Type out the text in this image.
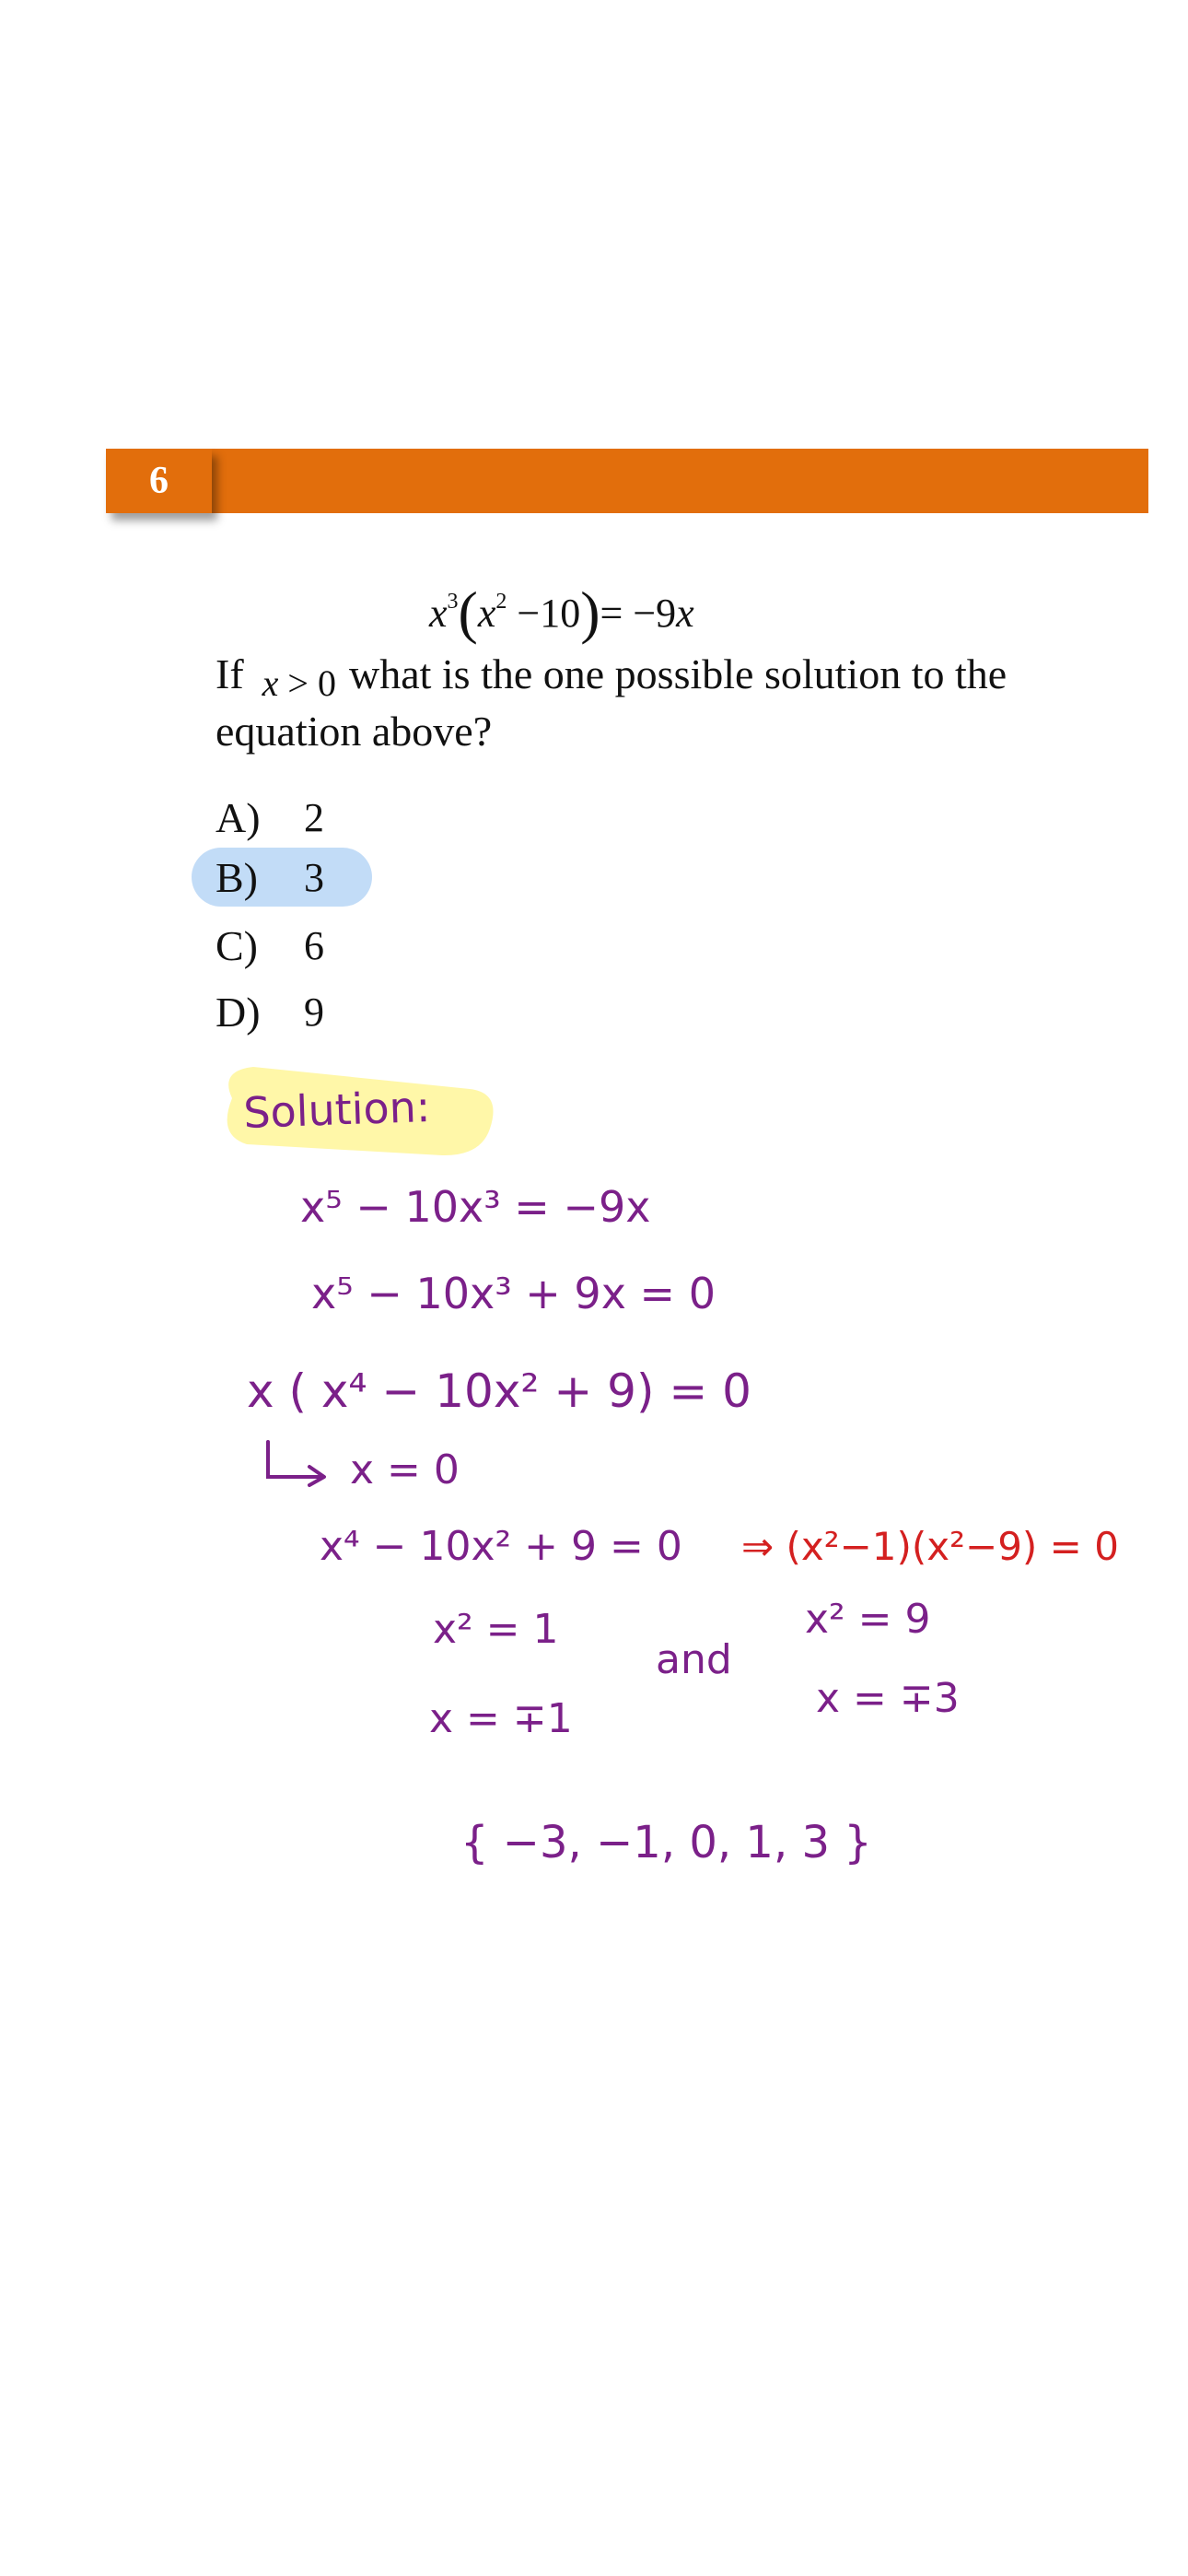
6
$x^3(x^2 -10)= -9x$
If x > 0 what is the one possible solution to the equation above?
A)	2
B)	3
C)	6
D)	9
Solution:
x⁵ − 10x³ = −9x
x⁵ − 10x³ + 9x = 0
x ( x⁴ − 10x² + 9) = 0
x = 0
x⁴ − 10x² + 9 = 0
x² = 1
and
x² = 9
x = ∓1	x = ∓3
{ −3, −1, 0, 1, 3 }
⇒ (x²−1)(x²−9) = 0
